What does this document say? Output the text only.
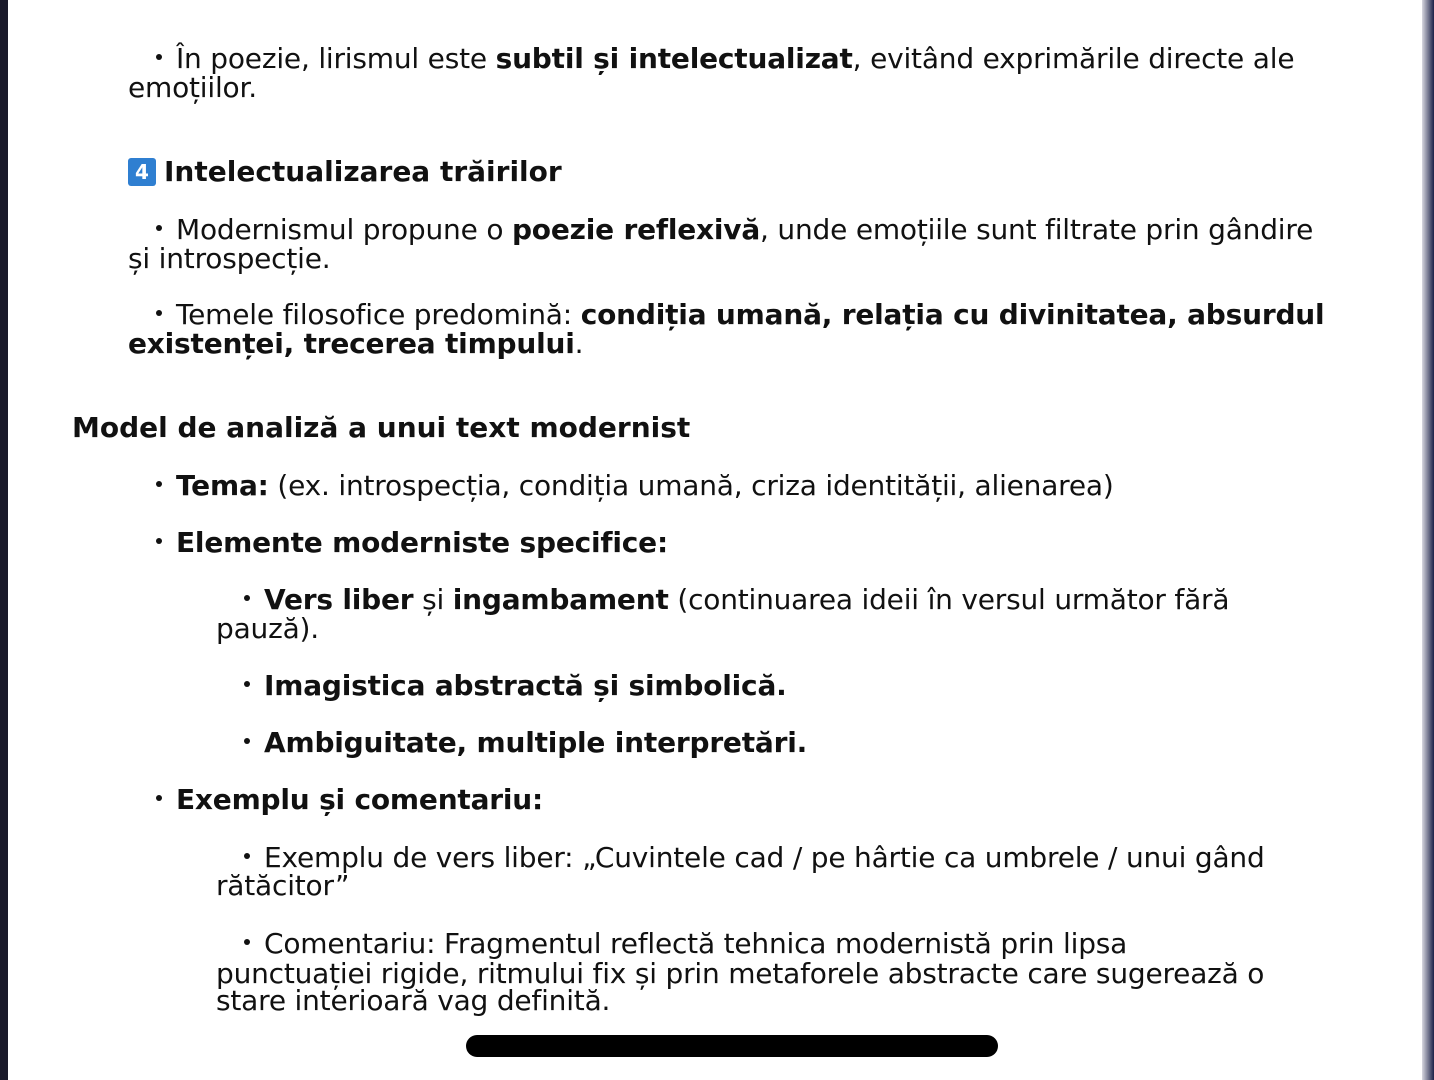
În poezie, lirismul este subtil și intelectualizat, evitând exprimările directe ale
emoțiilor.
4 Intelectualizarea trăirilor
Modernismul propune o poezie reflexivă, unde emoțiile sunt filtrate prin gândire
și introspecție.
Temele filosofice predomină: condiția umană, relația cu divinitatea, absurdul
existenței, trecerea timpului.
Model de analiză a unui text modernist
Tema: (ex. introspecția, condiția umană, criza identității, alienarea)
Elemente moderniste specifice:
Vers liber și ingambament (continuarea ideii în versul următor fără
pauză).
Imagistica abstractă și simbolică.
Ambiguitate, multiple interpretări.
Exemplu și comentariu:
Exemplu de vers liber: „Cuvintele cad / pe hârtie ca umbrele / unui gând
rătăcitor”
Comentariu: Fragmentul reflectă tehnica modernistă prin lipsa
punctuației rigide, ritmului fix și prin metaforele abstracte care sugerează o
stare interioară vag definită.
